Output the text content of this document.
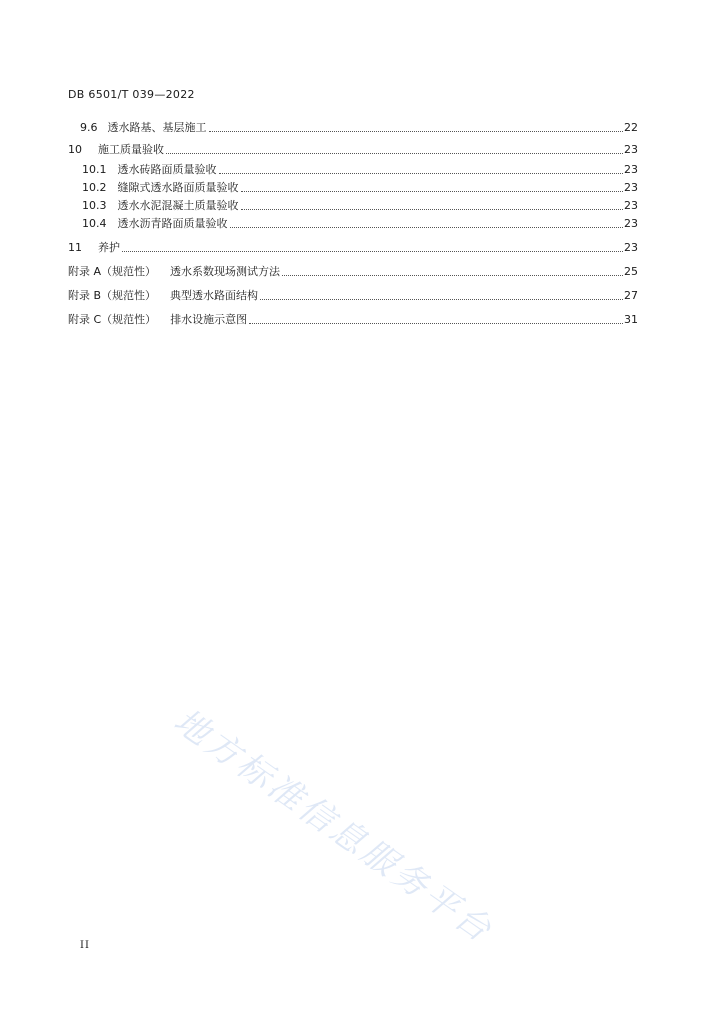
DB 6501/T 039—2022
9.6 透水路基、基层施工	22
10 施工质量验收	23
10.1 透水砖路面质量验收	23
10.2 缝隙式透水路面质量验收	23
10.3 透水水泥混凝土质量验收	23
10.4 透水沥青路面质量验收	23
11 养护	23
附录 A（规范性） 透水系数现场测试方法	25
附录 B（规范性） 典型透水路面结构	27
附录 C（规范性） 排水设施示意图	31
地方标准信息服务平台
II
